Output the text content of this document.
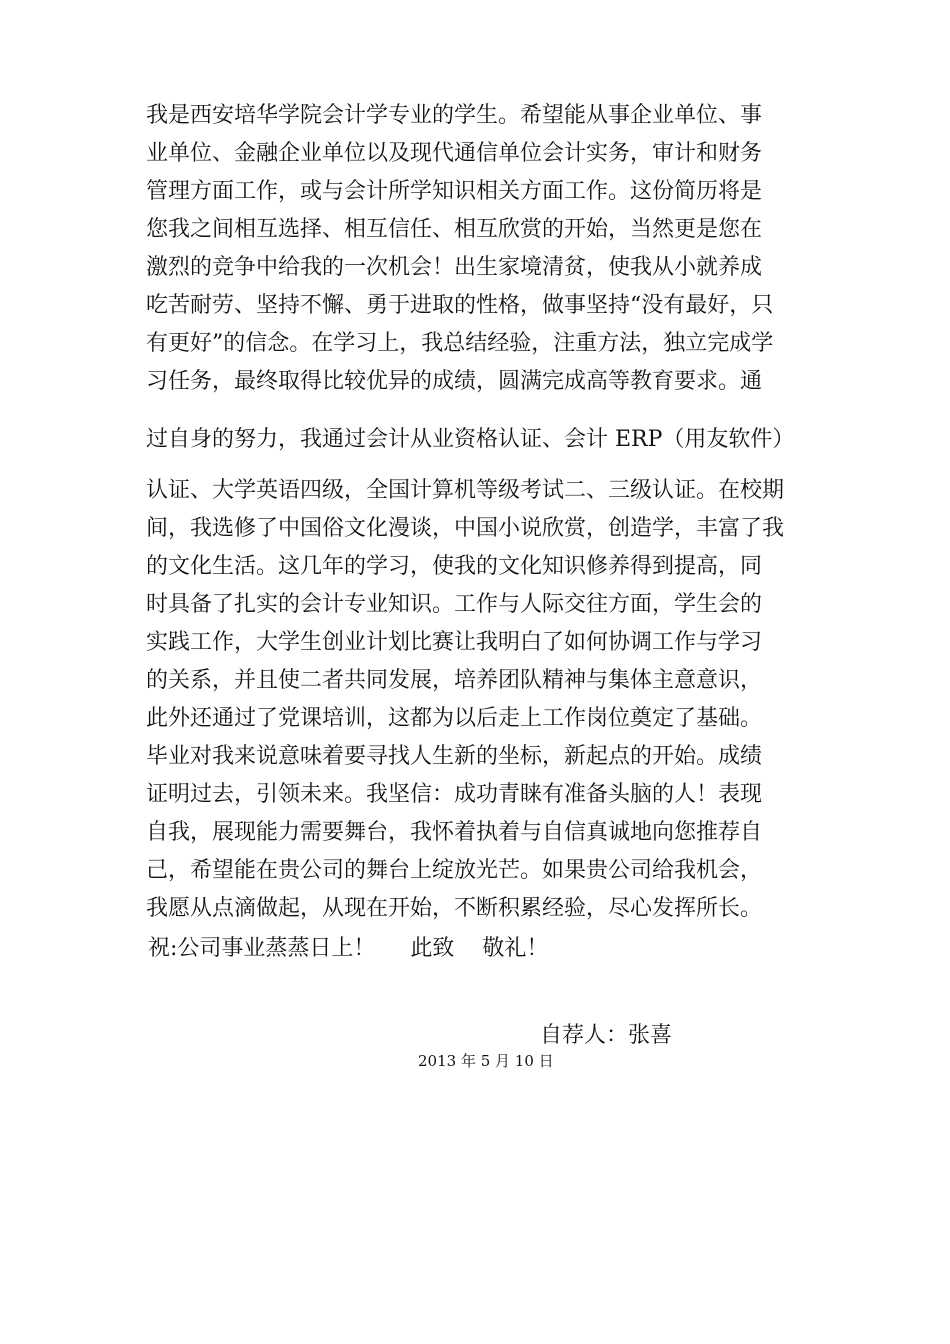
我是西安培华学院会计学专业的学生。希望能从事企业单位、事
业单位、金融企业单位以及现代通信单位会计实务，审计和财务
管理方面工作，或与会计所学知识相关方面工作。这份简历将是
您我之间相互选择、相互信任、相互欣赏的开始，当然更是您在
激烈的竞争中给我的一次机会！出生家境清贫，使我从小就养成
吃苦耐劳、坚持不懈、勇于进取的性格，做事坚持“没有最好，只
有更好”的信念。在学习上，我总结经验，注重方法，独立完成学
习任务，最终取得比较优异的成绩，圆满完成高等教育要求。通
过自身的努力，我通过会计从业资格认证、会计 ERP（用友软件）
认证、大学英语四级，全国计算机等级考试二、三级认证。在校期
间，我选修了中国俗文化漫谈，中国小说欣赏，创造学，丰富了我
的文化生活。这几年的学习，使我的文化知识修养得到提高，同
时具备了扎实的会计专业知识。工作与人际交往方面，学生会的
实践工作，大学生创业计划比赛让我明白了如何协调工作与学习
的关系，并且使二者共同发展，培养团队精神与集体主意意识，
此外还通过了党课培训，这都为以后走上工作岗位奠定了基础。
毕业对我来说意味着要寻找人生新的坐标，新起点的开始。成绩
证明过去，引领未来。我坚信：成功青睐有准备头脑的人！表现
自我，展现能力需要舞台，我怀着执着与自信真诚地向您推荐自
己，希望能在贵公司的舞台上绽放光芒。如果贵公司给我机会，
我愿从点滴做起，从现在开始，不断积累经验，尽心发挥所长。

祝:公司事业蒸蒸日上！     此致    敬礼！

自荐人：张喜

2013 年 5 月 10 日
